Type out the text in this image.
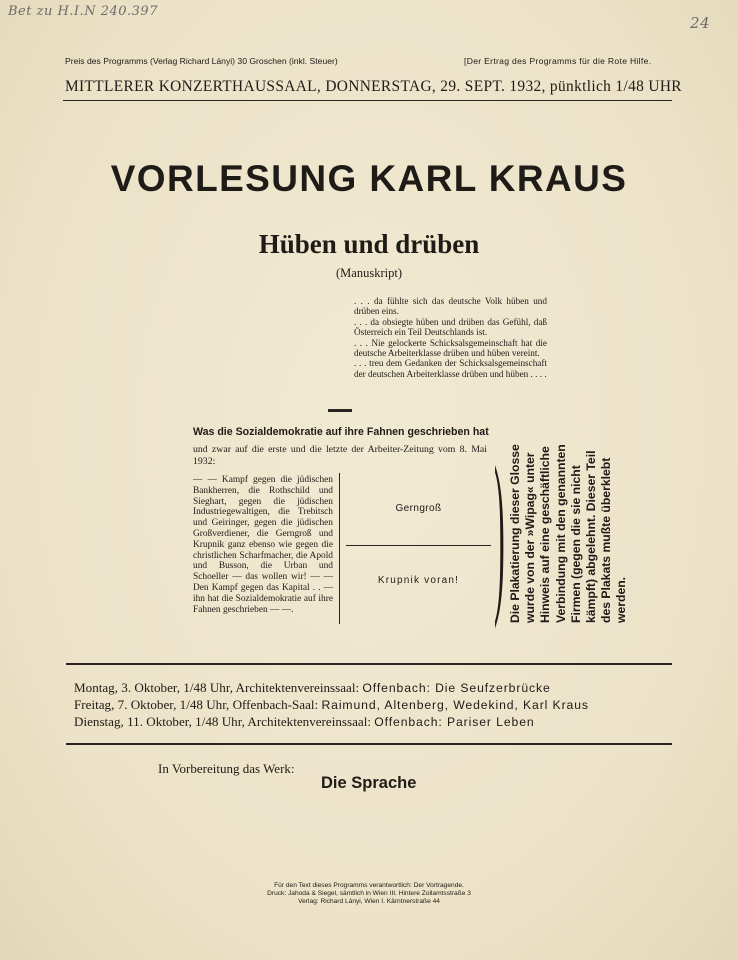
Bet zu H.I.N 240.397
24
Preis des Programms (Verlag Richard Lányi) 30 Groschen (inkl. Steuer)	[Der Ertrag des Programms für die Rote Hilfe.
MITTLERER KONZERTHAUSSAAL, DONNERSTAG, 29. SEPT. 1932, pünktlich 1/48 UHR
VORLESUNG KARL KRAUS
Hüben und drüben
(Manuskript)

. . . da fühlte sich das deutsche Volk hüben und drüben eins.

. . . da obsiegte hüben und drüben das Gefühl, daß Österreich ein Teil Deutschlands ist.

. . . Nie gelockerte Schicksalsgemeinschaft hat die deutsche Arbeiterklasse drüben und hüben vereint.

. . . treu dem Gedanken der Schicksalsgemeinschaft der deutschen Arbeiterklasse drüben und hüben . . . .

Was die Sozialdemokratie auf ihre Fahnen geschrieben hat
und zwar auf die erste und die letzte der Arbeiter-Zeitung vom 8. Mai 1932:
— — Kampf gegen die jüdischen Bankherren, die Rothschild und Sieghart, gegen die jüdischen Industriegewaltigen, die Trebitsch und Geiringer, gegen die jüdischen Großverdiener, die Gerngroß und Krupnik ganz ebenso wie gegen die christlichen Scharfmacher, die Apold und Busson, die Urban und Schoeller — das wollen wir! — — Den Kampf gegen das Kapital . . — ihn hat die Sozialdemokratie auf ihre Fahnen geschrieben — —.
Gerngroß
Krupnik voran! ) Die Plakatierung dieser Glosse wurde von der »Wipag« unter Hinweis auf eine geschäftliche Verbindung mit den genannten Firmen (gegen die sie nicht kämpft) abgelehnt. Dieser Teil des Plakats mußte überklebt werden.
Montag, 3. Oktober, 1/48 Uhr, Architektenvereinssaal: Offenbach: Die Seufzerbrücke
Freitag, 7. Oktober, 1/48 Uhr, Offenbach-Saal: Raimund, Altenberg, Wedekind, Karl Kraus
Dienstag, 11. Oktober, 1/48 Uhr, Architektenvereinssaal: Offenbach: Pariser Leben
In Vorbereitung das Werk:
Die Sprache
Für den Text dieses Programms verantwortlich: Der Vortragende.
Druck: Jahoda & Siegel, sämtlich in Wien III. Hintere Zollamtsstraße 3
Verlag: Richard Lányi, Wien I. Kärntnerstraße 44
